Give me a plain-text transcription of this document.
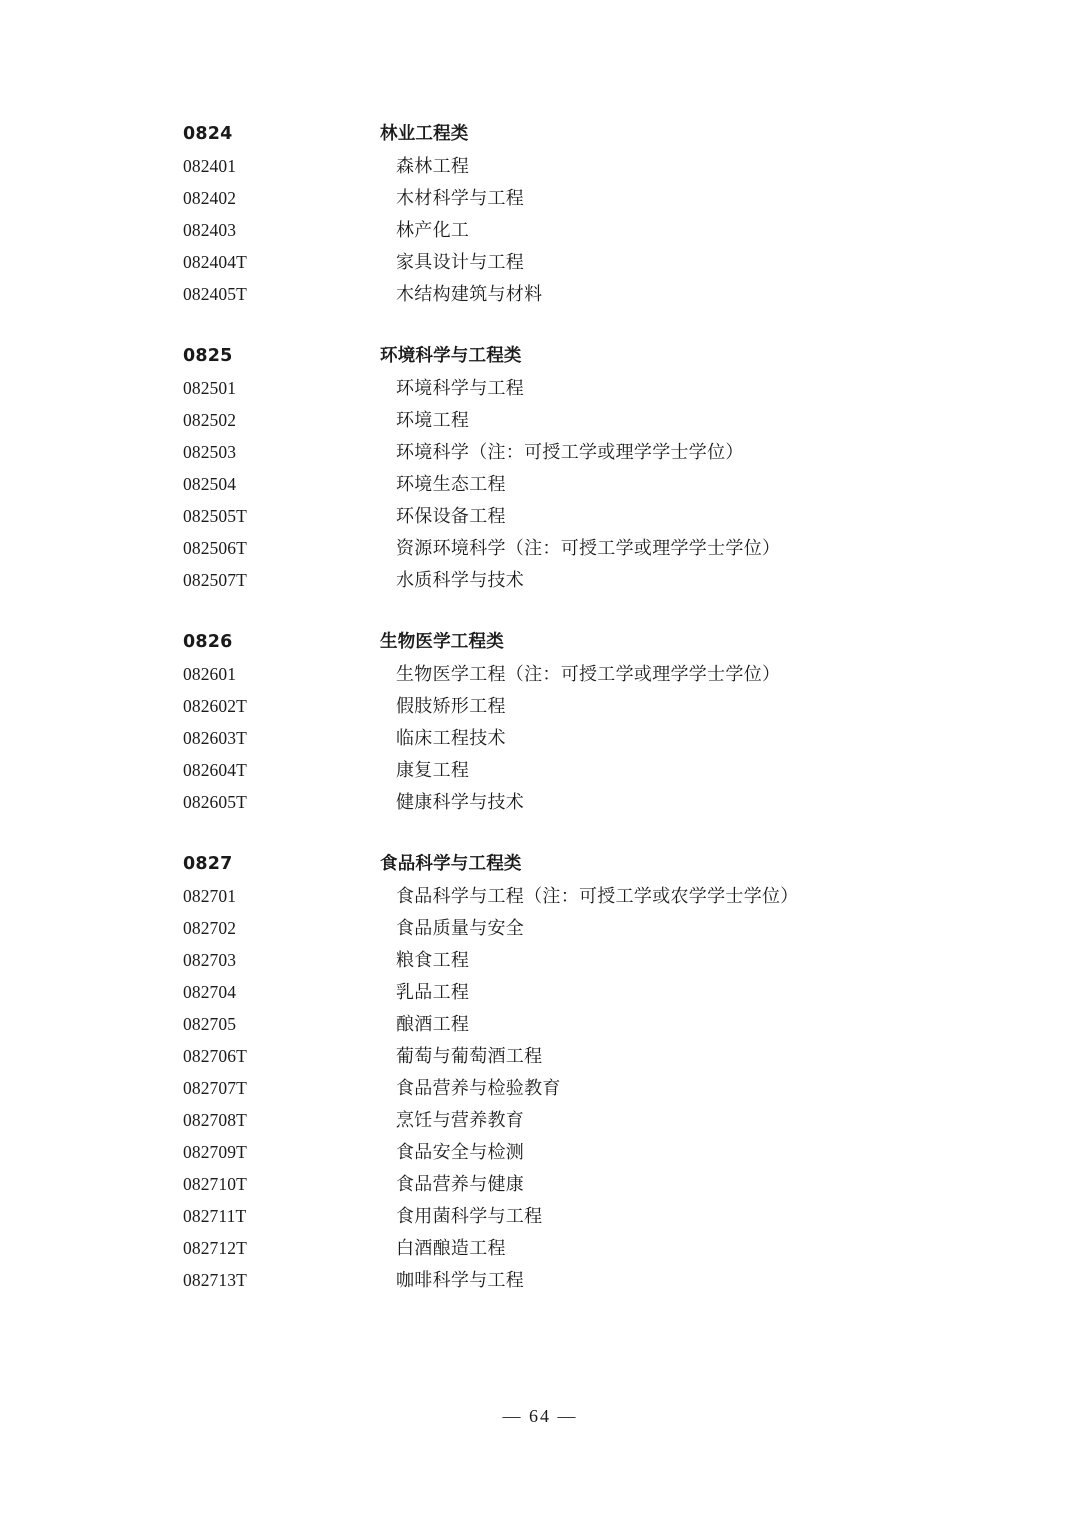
0824	林业工程类
082401	森林工程
082402	木材科学与工程
082403	林产化工
082404T	家具设计与工程
082405T	木结构建筑与材料
0825	环境科学与工程类
082501	环境科学与工程
082502	环境工程
082503	环境科学（注：可授工学或理学学士学位）
082504	环境生态工程
082505T	环保设备工程
082506T	资源环境科学（注：可授工学或理学学士学位）
082507T	水质科学与技术
0826	生物医学工程类
082601	生物医学工程（注：可授工学或理学学士学位）
082602T	假肢矫形工程
082603T	临床工程技术
082604T	康复工程
082605T	健康科学与技术
0827	食品科学与工程类
082701	食品科学与工程（注：可授工学或农学学士学位）
082702	食品质量与安全
082703	粮食工程
082704	乳品工程
082705	酿酒工程
082706T	葡萄与葡萄酒工程
082707T	食品营养与检验教育
082708T	烹饪与营养教育
082709T	食品安全与检测
082710T	食品营养与健康
082711T	食用菌科学与工程
082712T	白酒酿造工程
082713T	咖啡科学与工程
— 64 —
